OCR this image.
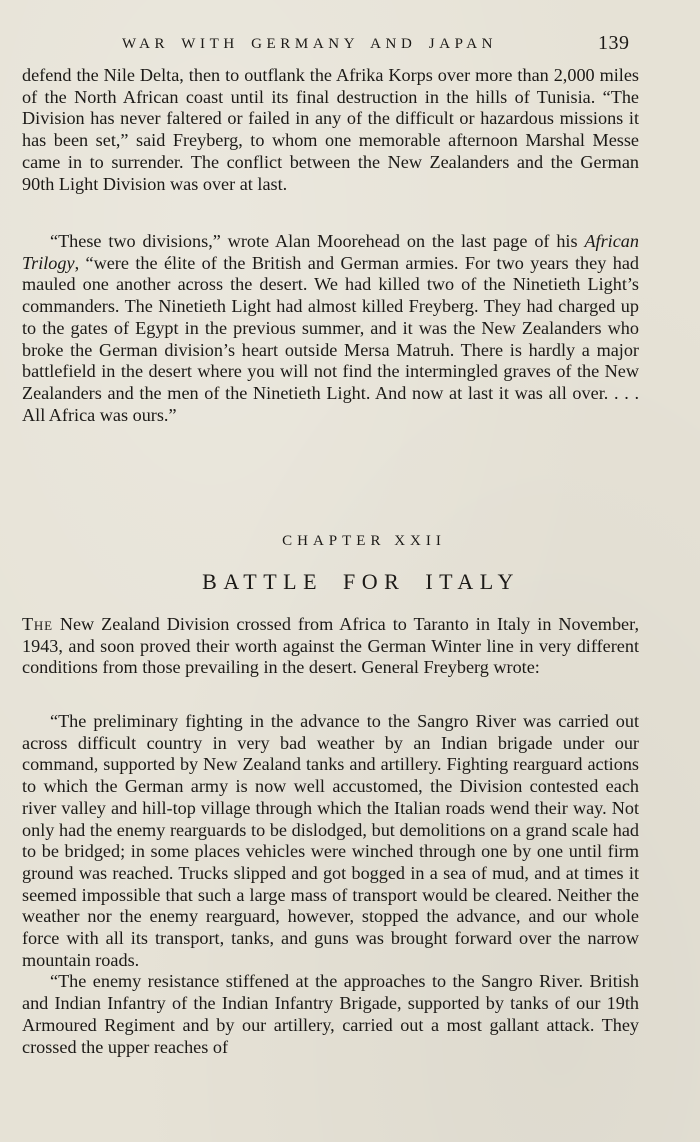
WAR WITH GERMANY AND JAPAN	139

defend the Nile Delta, then to outflank the Afrika Korps over more than 2,000 miles of the North African coast until its final destruction in the hills of Tunisia. “The Division has never faltered or failed in any of the difficult or hazardous missions it has been set,” said Freyberg, to whom one memorable afternoon Marshal Messe came in to surrender. The conflict between the New Zealanders and the German 90th Light Division was over at last.

“These two divisions,” wrote Alan Moorehead on the last page of his African Trilogy, “were the élite of the British and German armies. For two years they had mauled one another across the desert. We had killed two of the Ninetieth Light’s commanders. The Ninetieth Light had almost killed Freyberg. They had charged up to the gates of Egypt in the previous summer, and it was the New Zealanders who broke the German division’s heart outside Mersa Matruh. There is hardly a major battlefield in the desert where you will not find the intermingled graves of the New Zealanders and the men of the Ninetieth Light. And now at last it was all over. . . . All Africa was ours.”

CHAPTER XXII
BATTLE FOR ITALY

The New Zealand Division crossed from Africa to Taranto in Italy in November, 1943, and soon proved their worth against the German Winter line in very different conditions from those prevailing in the desert. General Freyberg wrote:

“The preliminary fighting in the advance to the Sangro River was carried out across difficult country in very bad weather by an Indian brigade under our command, supported by New Zealand tanks and artillery. Fighting rearguard actions to which the German army is now well accustomed, the Division contested each river valley and hill-top village through which the Italian roads wend their way. Not only had the enemy rearguards to be dislodged, but demolitions on a grand scale had to be bridged; in some places vehicles were winched through one by one until firm ground was reached. Trucks slipped and got bogged in a sea of mud, and at times it seemed impossible that such a large mass of transport would be cleared. Neither the weather nor the enemy rearguard, however, stopped the advance, and our whole force with all its transport, tanks, and guns was brought forward over the narrow mountain roads.

“The enemy resistance stiffened at the approaches to the Sangro River. British and Indian Infantry of the Indian Infantry Brigade, supported by tanks of our 19th Armoured Regiment and by our artillery, carried out a most gallant attack. They crossed the upper reaches of
